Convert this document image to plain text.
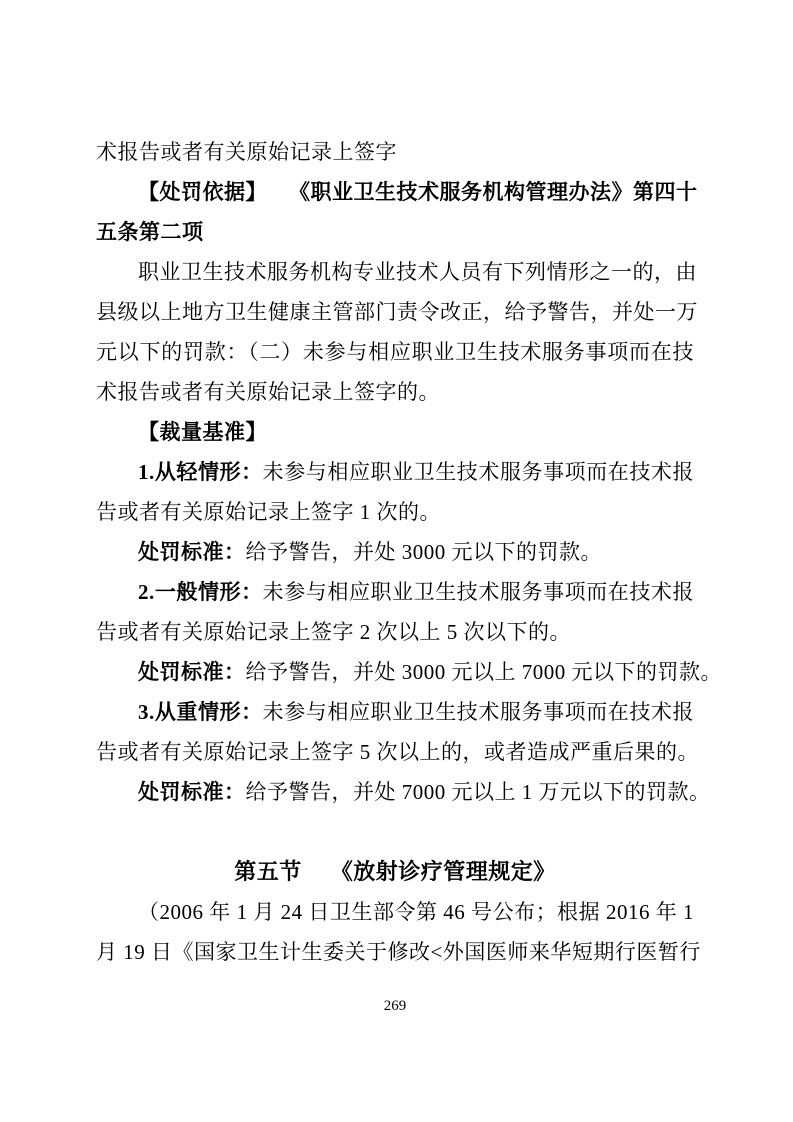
术报告或者有关原始记录上签字
【处罚依据】　　《职业卫生技术服务机构管理办法》第四十
五条第二项
职业卫生技术服务机构专业技术人员有下列情形之一的，由
县级以上地方卫生健康主管部门责令改正，给予警告，并处一万
元以下的罚款：（二）未参与相应职业卫生技术服务事项而在技
术报告或者有关原始记录上签字的。
【裁量基准】
1.从轻情形：未参与相应职业卫生技术服务事项而在技术报
告或者有关原始记录上签字 1 次的。
处罚标准：给予警告，并处 3000 元以下的罚款。
2.一般情形：未参与相应职业卫生技术服务事项而在技术报
告或者有关原始记录上签字 2 次以上 5 次以下的。
处罚标准：给予警告，并处 3000 元以上 7000 元以下的罚款。
3.从重情形：未参与相应职业卫生技术服务事项而在技术报
告或者有关原始记录上签字 5 次以上的，或者造成严重后果的。
处罚标准：给予警告，并处 7000 元以上 1 万元以下的罚款。
第五节　 《放射诊疗管理规定》
（2006 年 1 月 24 日卫生部令第 46 号公布；根据 2016 年 1
月 19 日《国家卫生计生委关于修改<外国医师来华短期行医暂行
269
